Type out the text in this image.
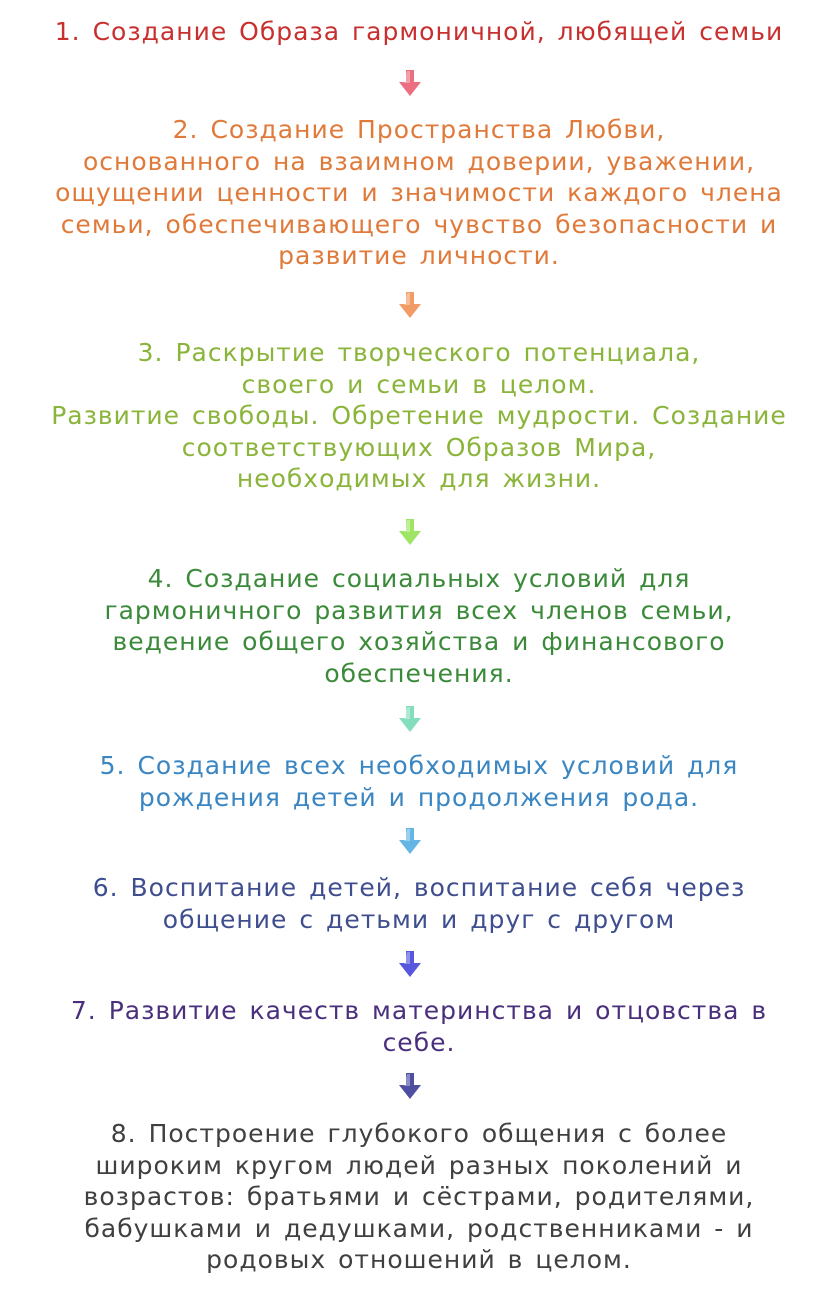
1. Создание Образа гармоничной, любящей семьи

2. Создание Пространства Любви,
основанного на взаимном доверии, уважении,
ощущении ценности и значимости каждого члена
семьи, обеспечивающего чувство безопасности и
развитие личности.

3. Раскрытие творческого потенциала,
своего и семьи в целом.
Развитие свободы. Обретение мудрости. Создание
соответствующих Образов Мира,
необходимых для жизни.

4. Создание социальных условий для
гармоничного развития всех членов семьи,
ведение общего хозяйства и финансового
обеспечения.

5. Создание всех необходимых условий для
рождения детей и продолжения рода.

6. Воспитание детей, воспитание себя через
общение с детьми и друг с другом

7. Развитие качеств материнства и отцовства в
себе.

8. Построение глубокого общения с более
широким кругом людей разных поколений и
возрастов: братьями и сёстрами, родителями,
бабушками и дедушками, родственниками - и
родовых отношений в целом.
